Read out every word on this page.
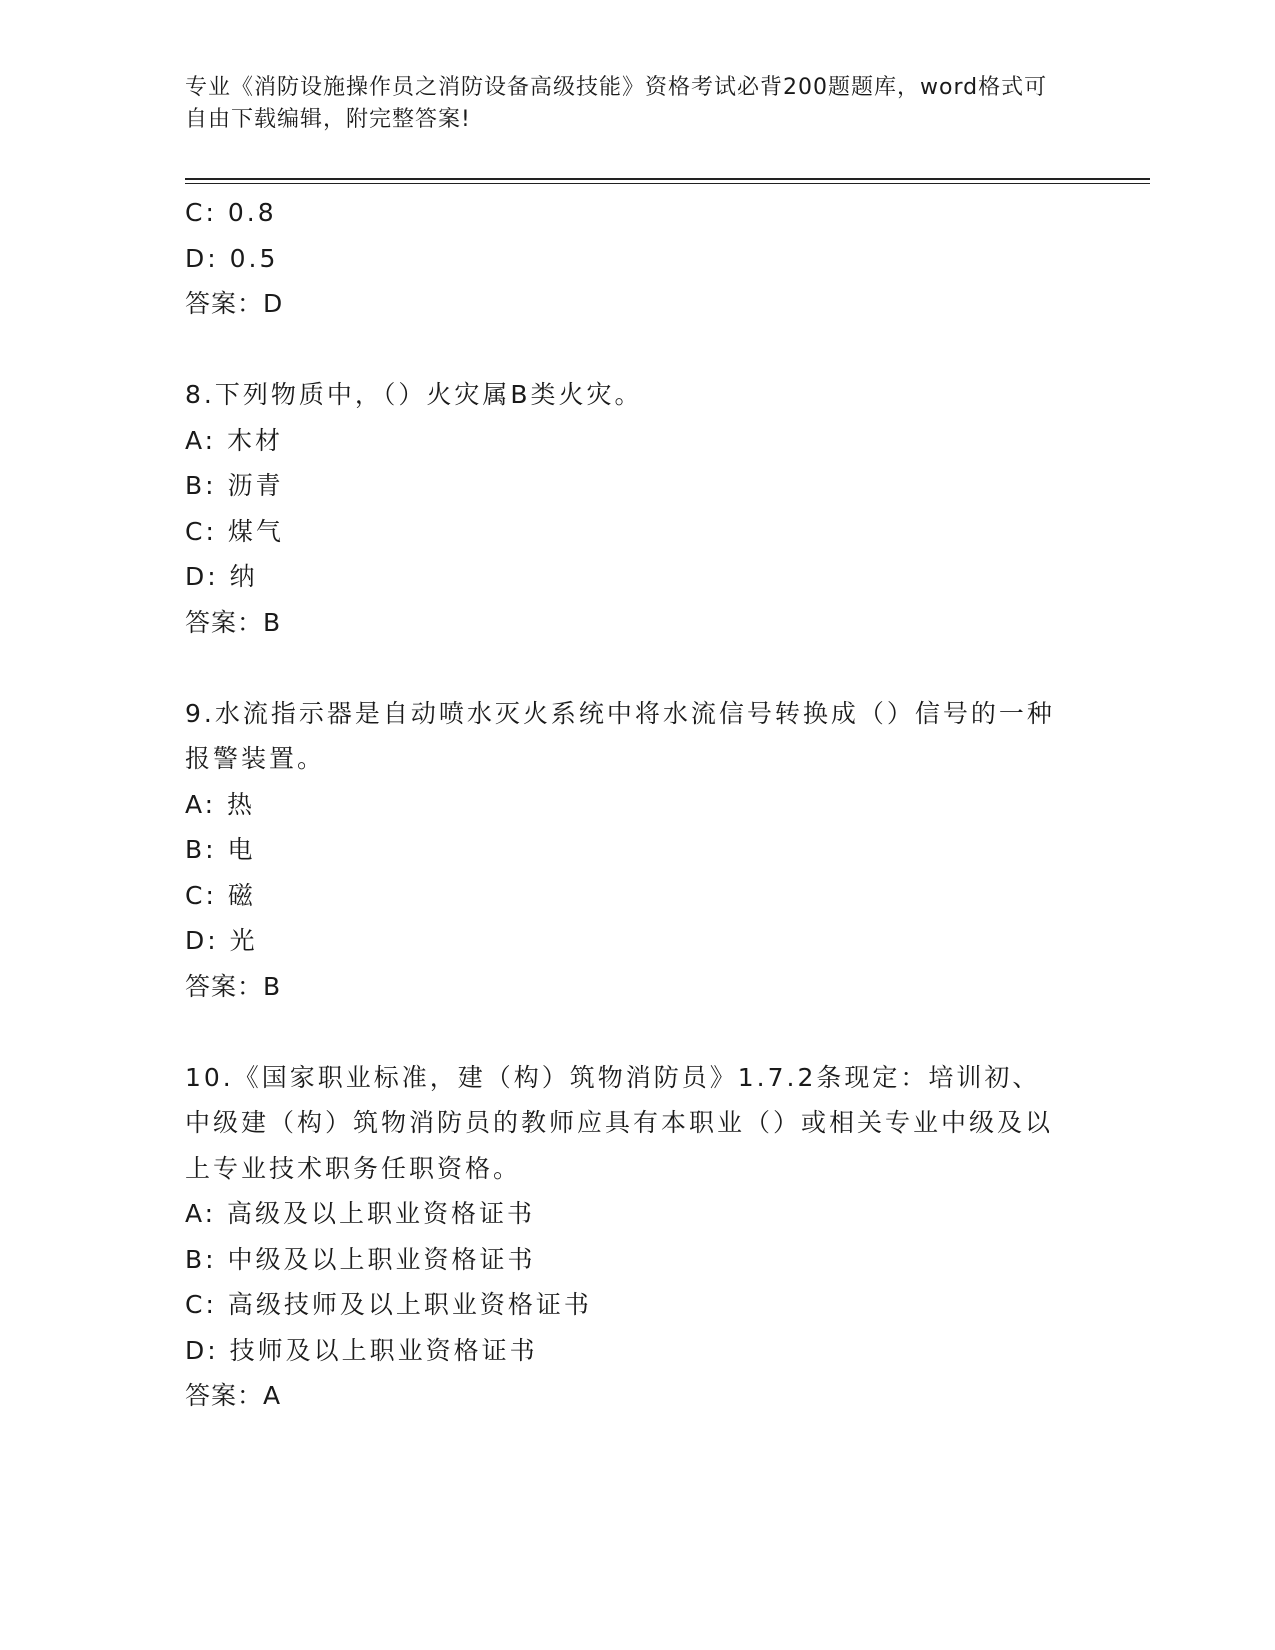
专业《消防设施操作员之消防设备高级技能》资格考试必背200题题库，word格式可自由下载编辑，附完整答案!
C: 0.8
D: 0.5
答案：D
8.下列物质中，（）火灾属B类火灾。
A: 木材
B: 沥青
C: 煤气
D: 纳
答案：B
9.水流指示器是自动喷水灭火系统中将水流信号转换成（）信号的一种报警装置。
A: 热
B: 电
C: 磁
D: 光
答案：B
10.《国家职业标准，建（构）筑物消防员》1.7.2条现定：培训初、中级建（构）筑物消防员的教师应具有本职业（）或相关专业中级及以上专业技术职务任职资格。
A: 高级及以上职业资格证书
B: 中级及以上职业资格证书
C: 高级技师及以上职业资格证书
D: 技师及以上职业资格证书
答案：A
